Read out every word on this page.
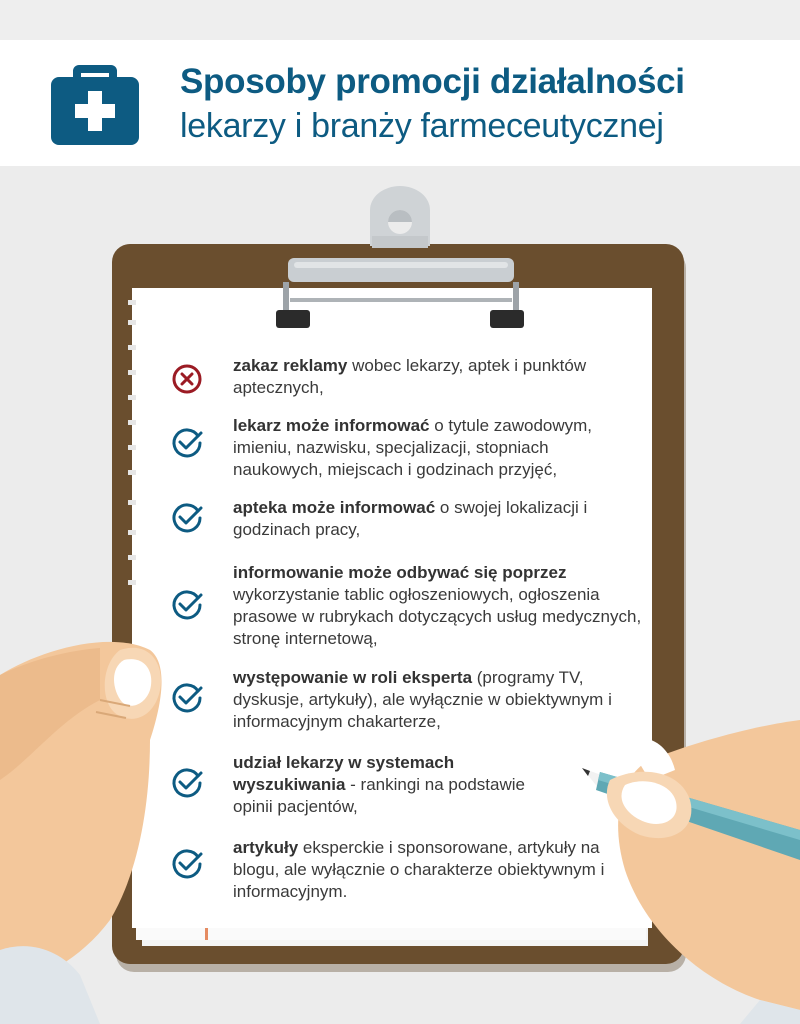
Sposoby promocji działalności
lekarzy i branży farmeceutycznej
zakaz reklamy wobec lekarzy, aptek i punktów aptecznych,
lekarz może informować o tytule zawodowym, imieniu, nazwisku, specjalizacji, stopniach naukowych, miejscach i godzinach przyjęć,
apteka może informować o swojej lokalizacji i godzinach pracy,
informowanie może odbywać się poprzez wykorzystanie tablic ogłoszeniowych, ogłoszenia prasowe w rubrykach dotyczących usług medycznych, stronę internetową,
występowanie w roli eksperta (programy TV, dyskusje, artykuły), ale wyłącznie w obiektywnym i informacyjnym chakarterze,
udział lekarzy w systemach wyszukiwania - rankingi na podstawie opinii pacjentów,
artykuły eksperckie i sponsorowane, artykuły na blogu, ale wyłącznie o charakterze obiektywnym i informacyjnym.
